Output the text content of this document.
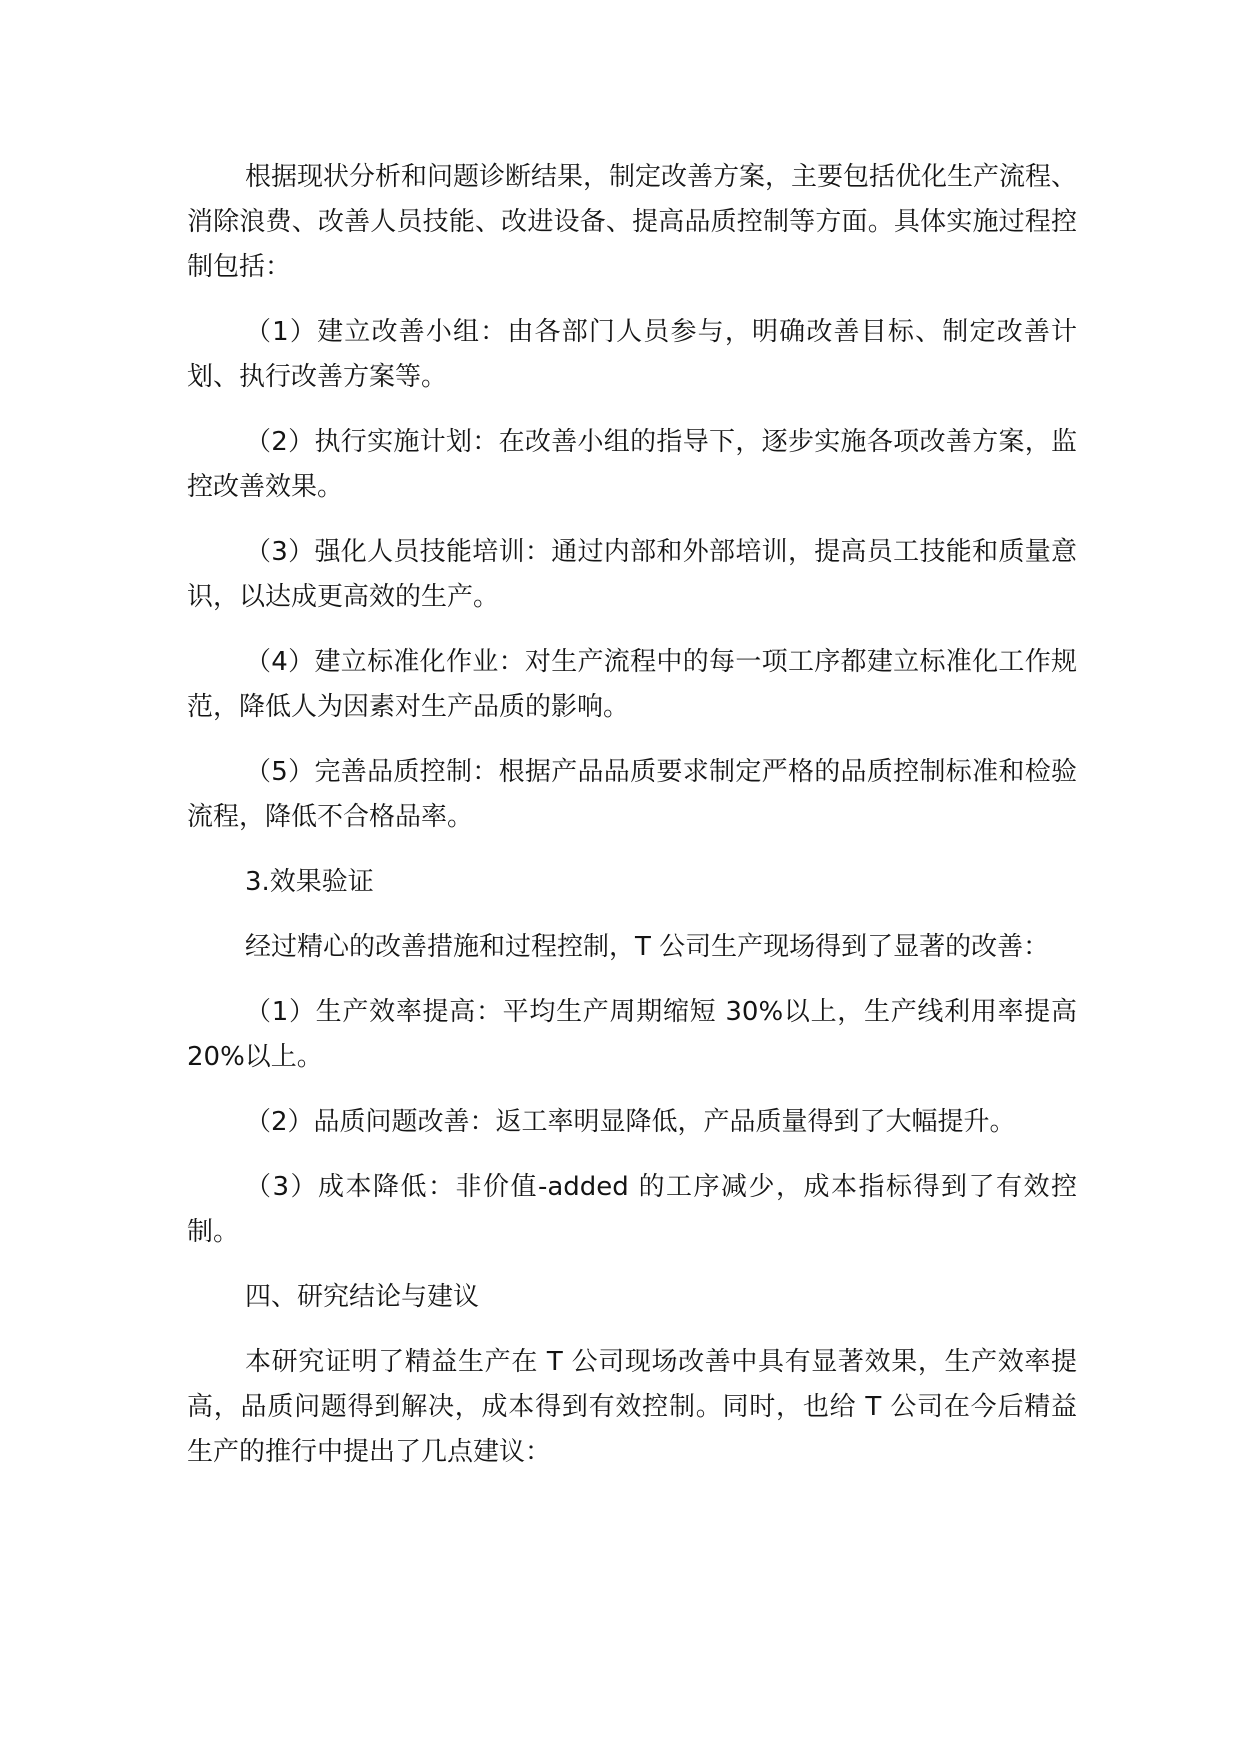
根据现状分析和问题诊断结果，制定改善方案，主要包括优化生产流程、消除浪费、改善人员技能、改进设备、提高品质控制等方面。具体实施过程控制包括：

（1）建立改善小组：由各部门人员参与，明确改善目标、制定改善计划、执行改善方案等。

（2）执行实施计划：在改善小组的指导下，逐步实施各项改善方案，监控改善效果。

（3）强化人员技能培训：通过内部和外部培训，提高员工技能和质量意识，以达成更高效的生产。

（4）建立标准化作业：对生产流程中的每一项工序都建立标准化工作规范，降低人为因素对生产品质的影响。

（5）完善品质控制：根据产品品质要求制定严格的品质控制标准和检验流程，降低不合格品率。

3.效果验证

经过精心的改善措施和过程控制，T 公司生产现场得到了显著的改善：

（1）生产效率提高：平均生产周期缩短 30%以上，生产线利用率提高 20%以上。

（2）品质问题改善：返工率明显降低，产品质量得到了大幅提升。

（3）成本降低：非价值-added 的工序减少，成本指标得到了有效控制。

四、研究结论与建议

本研究证明了精益生产在 T 公司现场改善中具有显著效果，生产效率提高，品质问题得到解决，成本得到有效控制。同时，也给 T 公司在今后精益生产的推行中提出了几点建议：
